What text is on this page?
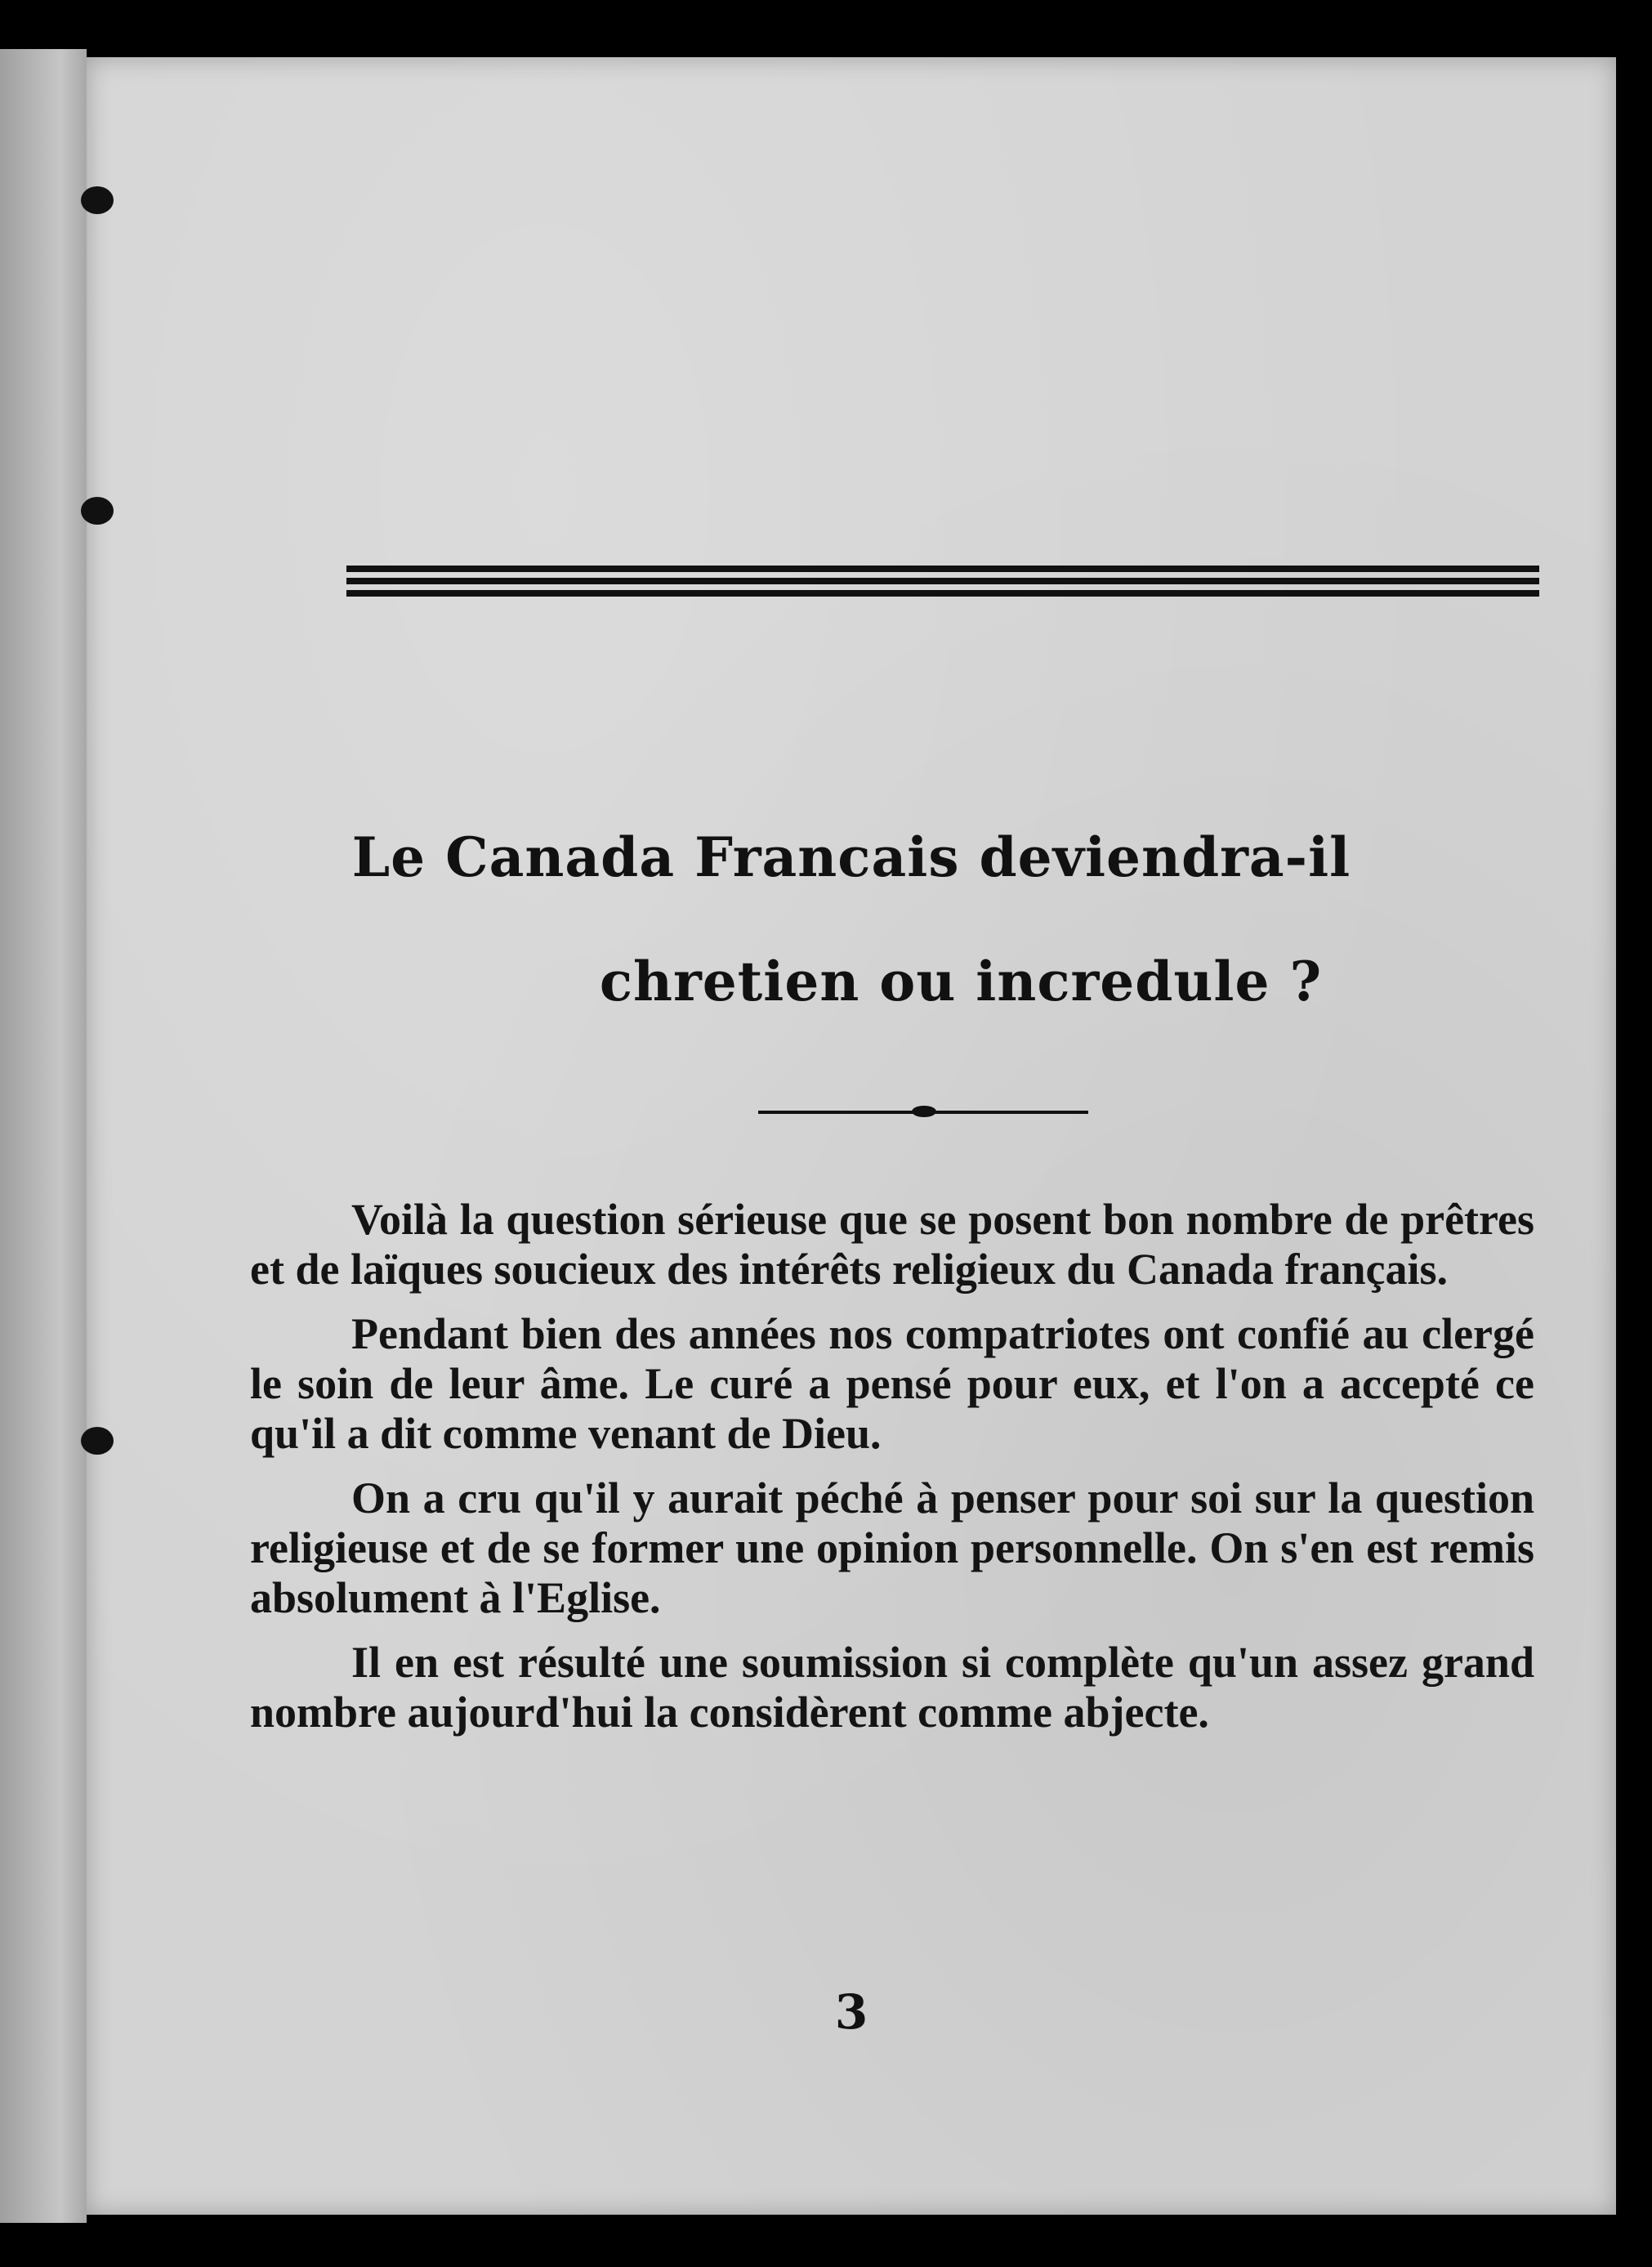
Le Canada Francais deviendra-il
chretien ou incredule ?

Voilà la question sérieuse que se posent bon nombre de prêtres et de laïques soucieux des intérêts religieux du Canada français.

Pendant bien des années nos compatriotes ont confié au clergé le soin de leur âme. Le curé a pensé pour eux, et l'on a accepté ce qu'il a dit comme venant de Dieu.

On a cru qu'il y aurait péché à penser pour soi sur la question religieuse et de se former une opinion personnelle. On s'en est remis absolument à l'Eglise.

Il en est résulté une soumission si complète qu'un assez grand nombre aujourd'hui la considèrent comme abjecte.

3
